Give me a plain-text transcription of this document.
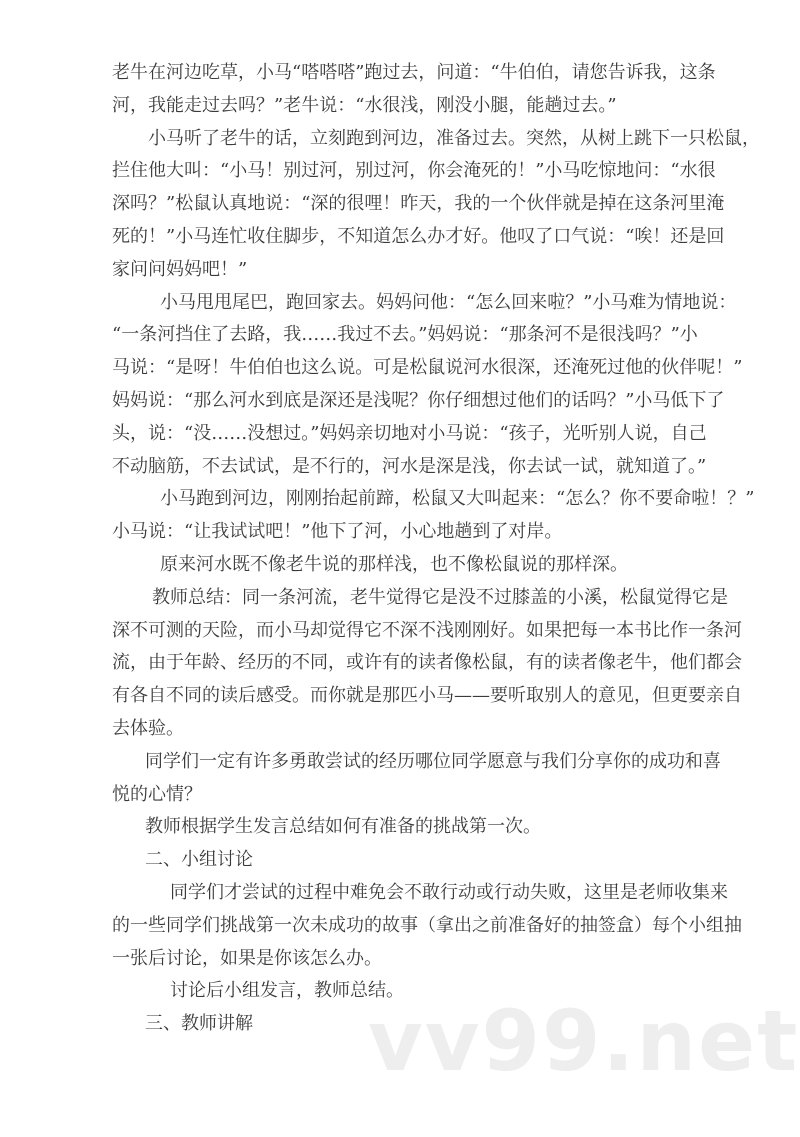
老牛在河边吃草，小马“嗒嗒嗒”跑过去，问道：“牛伯伯，请您告诉我，这条
河，我能走过去吗？”老牛说：“水很浅，刚没小腿，能趟过去。”
小马听了老牛的话，立刻跑到河边，准备过去。突然，从树上跳下一只松鼠，
拦住他大叫：“小马！别过河，别过河，你会淹死的！”小马吃惊地问：“水很
深吗？”松鼠认真地说：“深的很哩！昨天，我的一个伙伴就是掉在这条河里淹
死的！”小马连忙收住脚步，不知道怎么办才好。他叹了口气说：“唉！还是回
家问问妈妈吧！”
小马甩甩尾巴，跑回家去。妈妈问他：“怎么回来啦？”小马难为情地说：
“一条河挡住了去路，我……我过不去。”妈妈说：“那条河不是很浅吗？”小
马说：“是呀！牛伯伯也这么说。可是松鼠说河水很深，还淹死过他的伙伴呢！”
妈妈说：“那么河水到底是深还是浅呢？你仔细想过他们的话吗？”小马低下了
头，说：“没……没想过。”妈妈亲切地对小马说：“孩子，光听别人说，自己
不动脑筋，不去试试，是不行的，河水是深是浅，你去试一试，就知道了。”
小马跑到河边，刚刚抬起前蹄，松鼠又大叫起来：“怎么？你不要命啦！？”
小马说：“让我试试吧！”他下了河，小心地趟到了对岸。
原来河水既不像老牛说的那样浅，也不像松鼠说的那样深。
教师总结：同一条河流，老牛觉得它是没不过膝盖的小溪，松鼠觉得它是
深不可测的天险，而小马却觉得它不深不浅刚刚好。如果把每一本书比作一条河
流，由于年龄、经历的不同，或许有的读者像松鼠，有的读者像老牛，他们都会
有各自不同的读后感受。而你就是那匹小马——要听取别人的意见，但更要亲自
去体验。
同学们一定有许多勇敢尝试的经历哪位同学愿意与我们分享你的成功和喜
悦的心情？
教师根据学生发言总结如何有准备的挑战第一次。
二、小组讨论
同学们才尝试的过程中难免会不敢行动或行动失败，这里是老师收集来
的一些同学们挑战第一次未成功的故事（拿出之前准备好的抽签盒）每个小组抽
一张后讨论，如果是你该怎么办。
讨论后小组发言，教师总结。
三、教师讲解	vv99.net
